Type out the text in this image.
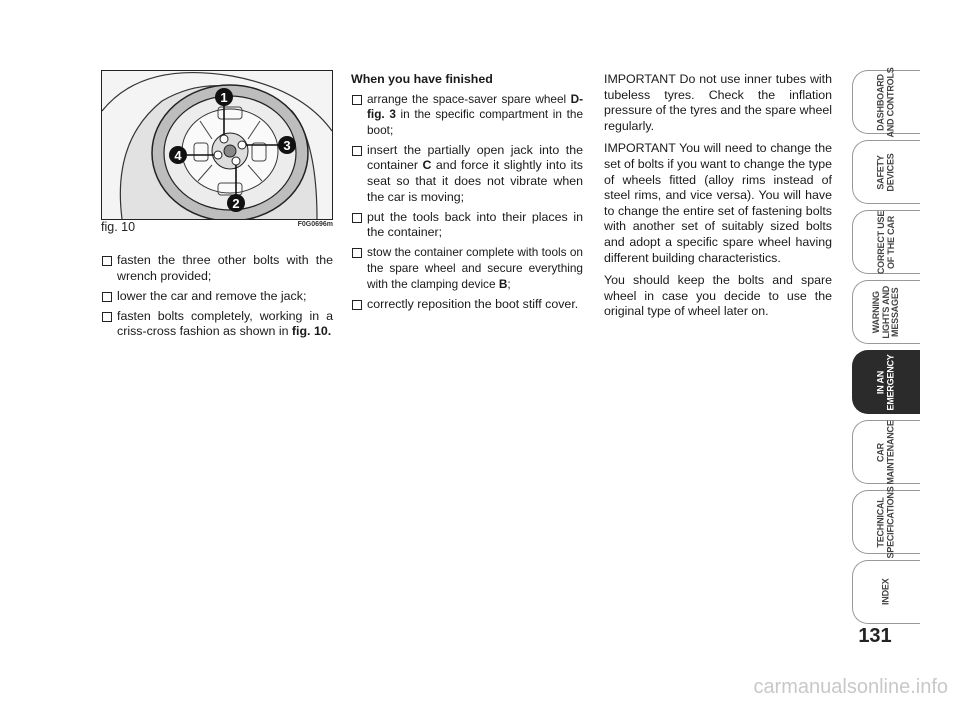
1
3
4
2
fig. 10	F0G0696m
fasten the three other bolts with the wrench provided;
lower the car and remove the jack;
fasten bolts completely, working in a criss-cross fashion as shown in fig. 10.

When you have finished

arrange the space-saver spare wheel D-fig. 3 in the specific compartment in the boot;
insert the partially open jack into the container C and force it slightly into its seat so that it does not vibrate when the car is moving;
put the tools back into their places in the container;
stow the container complete with tools on the spare wheel and secure everything with the clamping device B;
correctly reposition the boot stiff cover.

IMPORTANT Do not use inner tubes with tubeless tyres. Check the inflation pressure of the tyres and the spare wheel regularly.

IMPORTANT You will need to change the set of bolts if you want to change the type of wheels fitted (alloy rims instead of steel rims, and vice versa). You will have to change the entire set of fastening bolts with another set of suitably sized bolts and adopt a specific spare wheel having different building characteristics.

You should keep the bolts and spare wheel in case you decide to use the original type of wheel later on.

DASHBOARD
AND CONTROLS
SAFETY
DEVICES
CORRECT USE
OF THE CAR
WARNING
LIGHTS AND
MESSAGES
IN AN
EMERGENCY
CAR
MAINTENANCE
TECHNICAL
SPECIFICATIONS
INDEX
131
carmanualsonline.info
